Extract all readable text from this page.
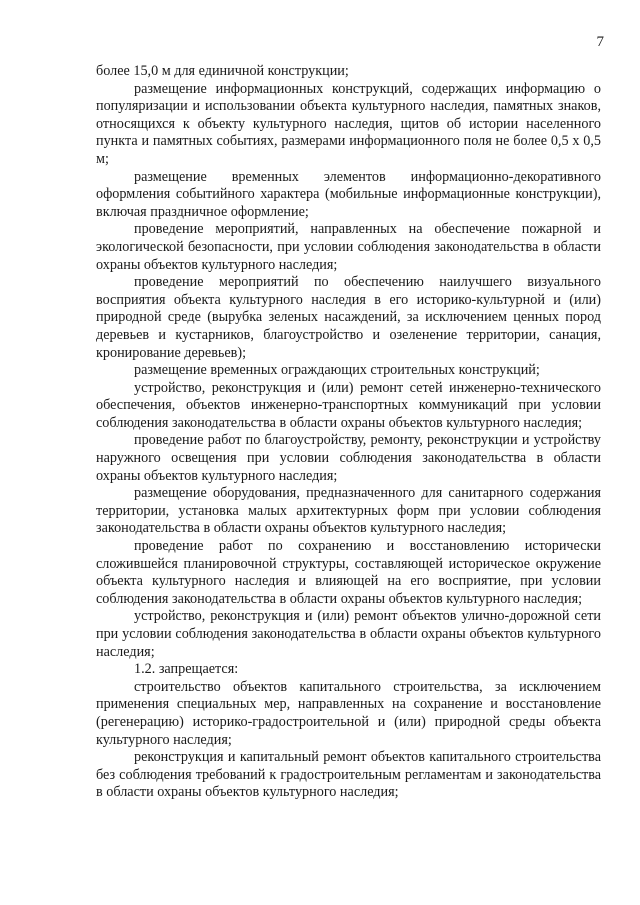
7

более 15,0 м для единичной конструкции;

размещение информационных конструкций, содержащих информацию о популяризации и использовании объекта культурного наследия, памятных знаков, относящихся к объекту культурного наследия, щитов об истории населенного пункта и памятных событиях, размерами информационного поля не более 0,5 х 0,5 м;

размещение временных элементов информационно-декоративного оформления событийного характера (мобильные информационные конструкции), включая праздничное оформление;

проведение мероприятий, направленных на обеспечение пожарной и экологической безопасности, при условии соблюдения законодательства в области охраны объектов культурного наследия;

проведение мероприятий по обеспечению наилучшего визуального восприятия объекта культурного наследия в его историко-культурной и (или) природной среде (вырубка зеленых насаждений, за исключением ценных пород деревьев и кустарников, благоустройство и озеленение территории, санация, кронирование деревьев);

размещение временных ограждающих строительных конструкций;

устройство, реконструкция и (или) ремонт сетей инженерно-технического обеспечения, объектов инженерно-транспортных коммуникаций при условии соблюдения законодательства в области охраны объектов культурного наследия;

проведение работ по благоустройству, ремонту, реконструкции и устройству наружного освещения при условии соблюдения законодательства в области охраны объектов культурного наследия;

размещение оборудования, предназначенного для санитарного содержания территории, установка малых архитектурных форм при условии соблюдения законодательства в области охраны объектов культурного наследия;

проведение работ по сохранению и восстановлению исторически сложившейся планировочной структуры, составляющей историческое окружение объекта культурного наследия и влияющей на его восприятие, при условии соблюдения законодательства в области охраны объектов культурного наследия;

устройство, реконструкция и (или) ремонт объектов улично-дорожной сети при условии соблюдения законодательства в области охраны объектов культурного наследия;

1.2. запрещается:

строительство объектов капитального строительства, за исключением применения специальных мер, направленных на сохранение и восстановление (регенерацию) историко-градостроительной и (или) природной среды объекта культурного наследия;

реконструкция и капитальный ремонт объектов капитального строительства без соблюдения требований к градостроительным регламентам и законодательства в области охраны объектов культурного наследия;
